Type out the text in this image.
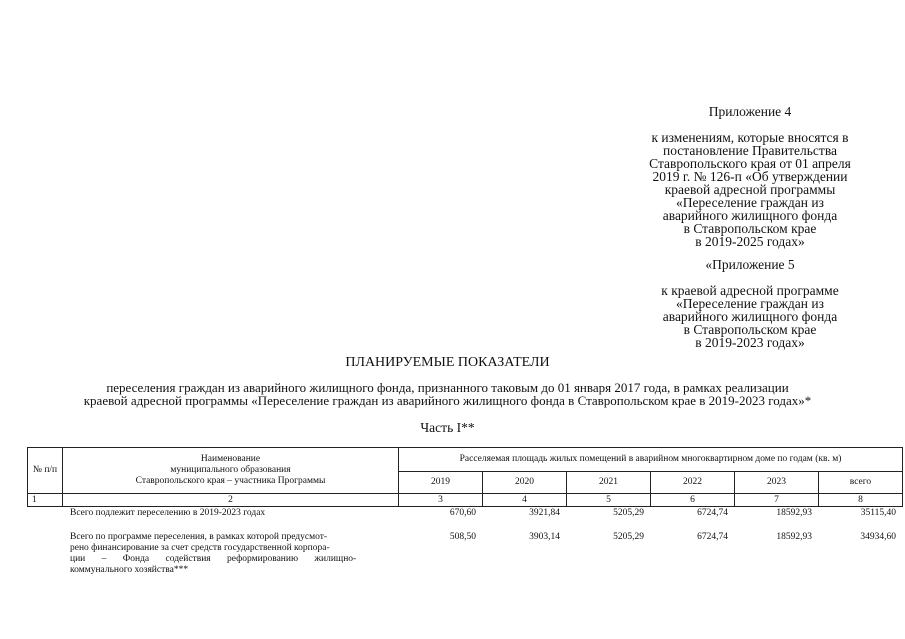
Приложение 4
к изменениям, которые вносятся в
постановление Правительства
Ставропольского края от 01 апреля
2019 г. № 126-п «Об утверждении
краевой адресной программы
«Переселение граждан из
аварийного жилищного фонда
в Ставропольском крае
в 2019-2025 годах»
«Приложение 5
к краевой адресной программе
«Переселение граждан из
аварийного жилищного фонда
в Ставропольском крае
в 2019-2023 годах»
ПЛАНИРУЕМЫЕ ПОКАЗАТЕЛИ
переселения граждан из аварийного жилищного фонда, признанного таковым до 01 января 2017 года, в рамках реализации
краевой адресной программы «Переселение граждан из аварийного жилищного фонда в Ставропольском крае в 2019-2023 годах»*
Часть I**
№ п/п	Наименование
муниципального образования
Ставропольского края – участника Программы	Расселяемая площадь жилых помещений в аварийном многоквартирном доме по годам (кв. м)					
		2019	2020	2021	2022	2023	всего
1	2	3	4	5	6	7	8
Всего подлежит переселению в 2019-2023 годах	670,60	3921,84	5205,29	6724,74	18592,93	35115,40
Всего по программе переселения, в рамках которой предусмот-
рено финансирование за счет средств государственной корпора-
ции – Фонда содействия реформированию жилищно-
коммунального хозяйства***
508,50	3903,14	5205,29	6724,74	18592,93	34934,60
